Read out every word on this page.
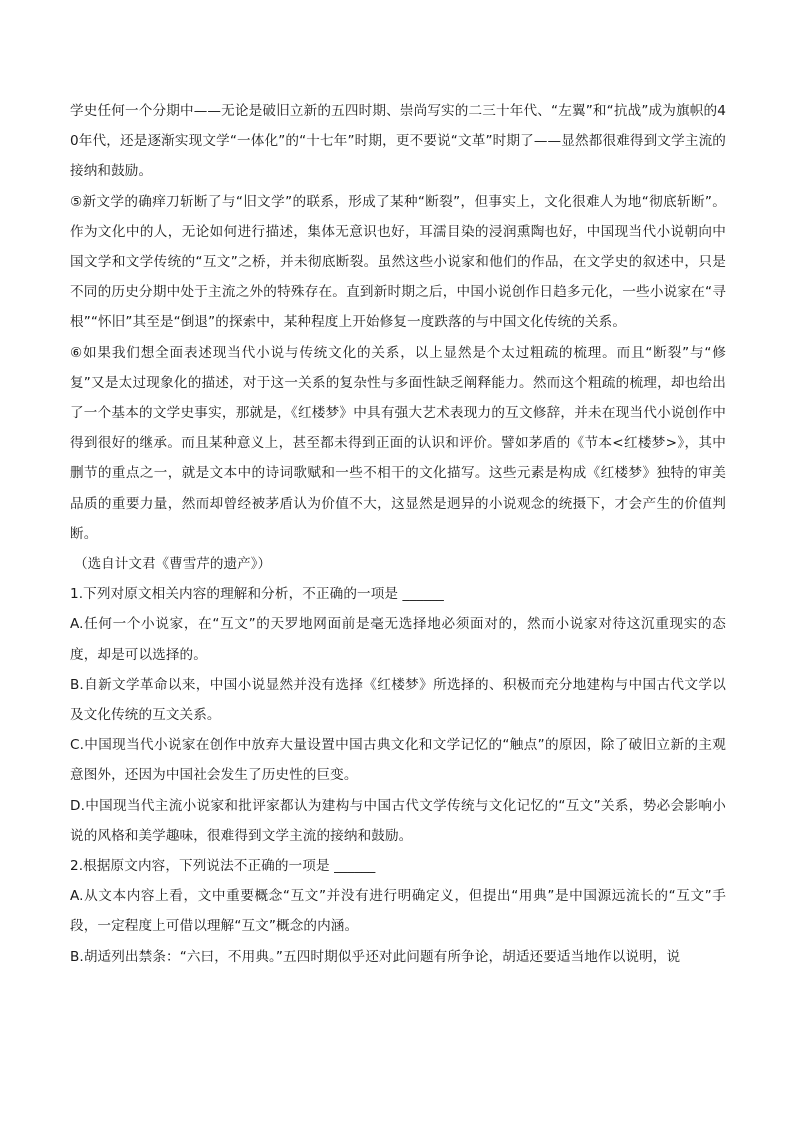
学史任何一个分期中——无论是破旧立新的五四时期、崇尚写实的二三十年代、“左翼”和“抗战”成为旗帜的40年代，还是逐渐实现文学“一体化”的“十七年”时期，更不要说“文革”时期了——显然都很难得到文学主流的接纳和鼓励。

⑤新文学的确痒刀斩断了与“旧文学”的联系，形成了某种“断裂”，但事实上，文化很难人为地“彻底斩断”。作为文化中的人，无论如何进行描述，集体无意识也好，耳濡目染的浸润熏陶也好，中国现当代小说朝向中国文学和文学传统的“互文”之桥，并未彻底断裂。虽然这些小说家和他们的作品，在文学史的叙述中，只是不同的历史分期中处于主流之外的特殊存在。直到新时期之后，中国小说创作日趋多元化，一些小说家在“寻根”“怀旧”其至是“倒退”的探索中，某种程度上开始修复一度跌落的与中国文化传统的关系。

⑥如果我们想全面表述现当代小说与传统文化的关系，以上显然是个太过粗疏的梳理。而且“断裂”与“修复”又是太过现象化的描述，对于这一关系的复杂性与多面性缺乏阐释能力。然而这个粗疏的梳理，却也给出了一个基本的文学史事实，那就是，《红楼梦》中具有强大艺术表现力的互文修辞，并未在现当代小说创作中得到很好的继承。而且某种意义上，甚至都未得到正面的认识和评价。譬如茅盾的《节本<红楼梦>》，其中删节的重点之一，就是文本中的诗词歌赋和一些不相干的文化描写。这些元素是构成《红楼梦》独特的审美品质的重要力量，然而却曾经被茅盾认为价值不大，这显然是迥异的小说观念的统摄下，才会产生的价值判断。

（选自计文君《曹雪芹的遗产》）

1.下列对原文相关内容的理解和分析，不正确的一项是 ______

A.任何一个小说家，在“互文”的天罗地网面前是毫无选择地必须面对的，然而小说家对待这沉重现实的态度，却是可以选择的。

B.自新文学革命以来，中国小说显然并没有选择《红楼梦》所选择的、积极而充分地建构与中国古代文学以及文化传统的互文关系。

C.中国现当代小说家在创作中放弃大量设置中国古典文化和文学记忆的“触点”的原因，除了破旧立新的主观意图外，还因为中国社会发生了历史性的巨变。

D.中国现当代主流小说家和批评家都认为建构与中国古代文学传统与文化记忆的“互文”关系，势必会影响小说的风格和美学趣味，很难得到文学主流的接纳和鼓励。

2.根据原文内容，下列说法不正确的一项是 ______

A.从文本内容上看，文中重要概念“互文”并没有进行明确定义，但提出“用典”是中国源远流长的“互文”手段，一定程度上可借以理解“互文”概念的内涵。

B.胡适列出禁条：“六曰，不用典。”五四时期似乎还对此问题有所争论，胡适还要适当地作以说明，说
